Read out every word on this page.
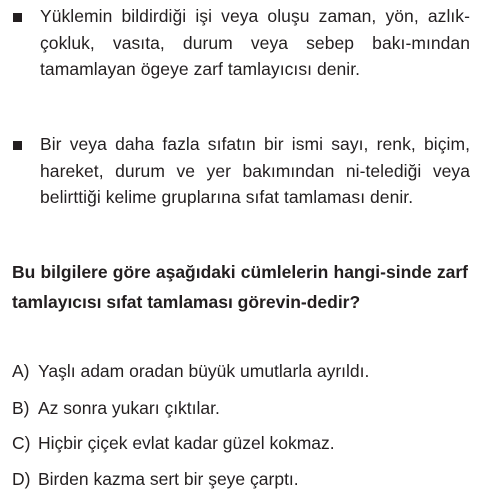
Yüklemin bildirdiği işi veya oluşu zaman, yön, azlık-çokluk, vasıta, durum veya sebep bakı-mından tamamlayan ögeye zarf tamlayıcısı denir.
Bir veya daha fazla sıfatın bir ismi sayı, renk, biçim, hareket, durum ve yer bakımından ni-telediği veya belirttiği kelime gruplarına sıfat tamlaması denir.
Bu bilgilere göre aşağıdaki cümlelerin hangi-sinde zarf tamlayıcısı sıfat tamlaması görevin-dedir?
A) Yaşlı adam oradan büyük umutlarla ayrıldı.
B) Az sonra yukarı çıktılar.
C) Hiçbir çiçek evlat kadar güzel kokmaz.
D) Birden kazma sert bir şeye çarptı.
